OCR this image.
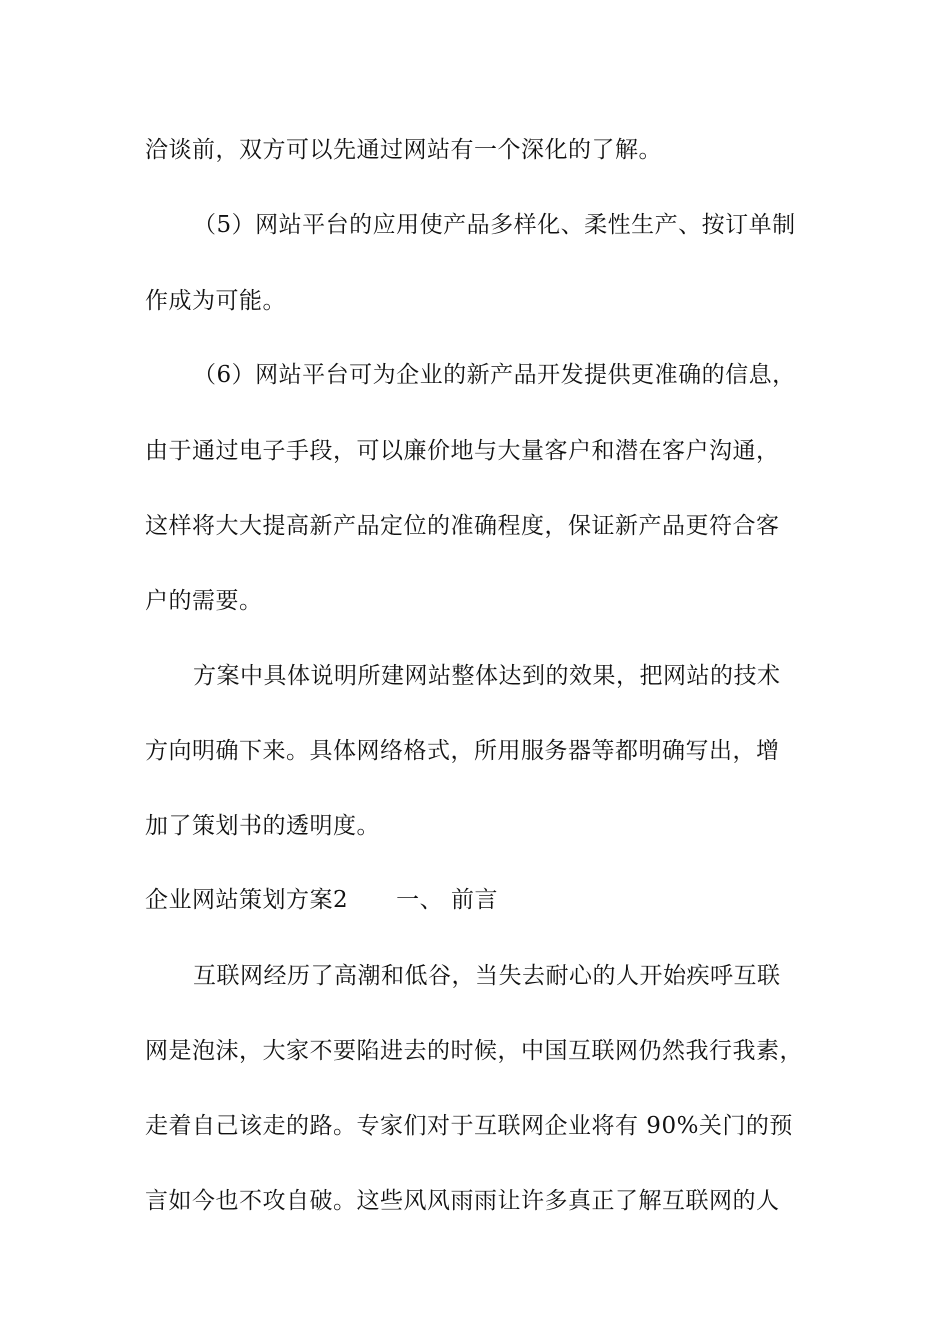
洽谈前，双方可以先通过网站有一个深化的了解。
（5）网站平台的应用使产品多样化、柔性生产、按订单制
作成为可能。
（6）网站平台可为企业的新产品开发提供更准确的信息，
由于通过电子手段，可以廉价地与大量客户和潜在客户沟通，
这样将大大提高新产品定位的准确程度，保证新产品更符合客
户的需要。
方案中具体说明所建网站整体达到的效果，把网站的技术
方向明确下来。具体网络格式，所用服务器等都明确写出，增
加了策划书的透明度。
企业网站策划方案2 一、 前言
互联网经历了高潮和低谷，当失去耐心的人开始疾呼互联
网是泡沫，大家不要陷进去的时候，中国互联网仍然我行我素，
走着自己该走的路。专家们对于互联网企业将有 90%关门的预
言如今也不攻自破。这些风风雨雨让许多真正了解互联网的人
